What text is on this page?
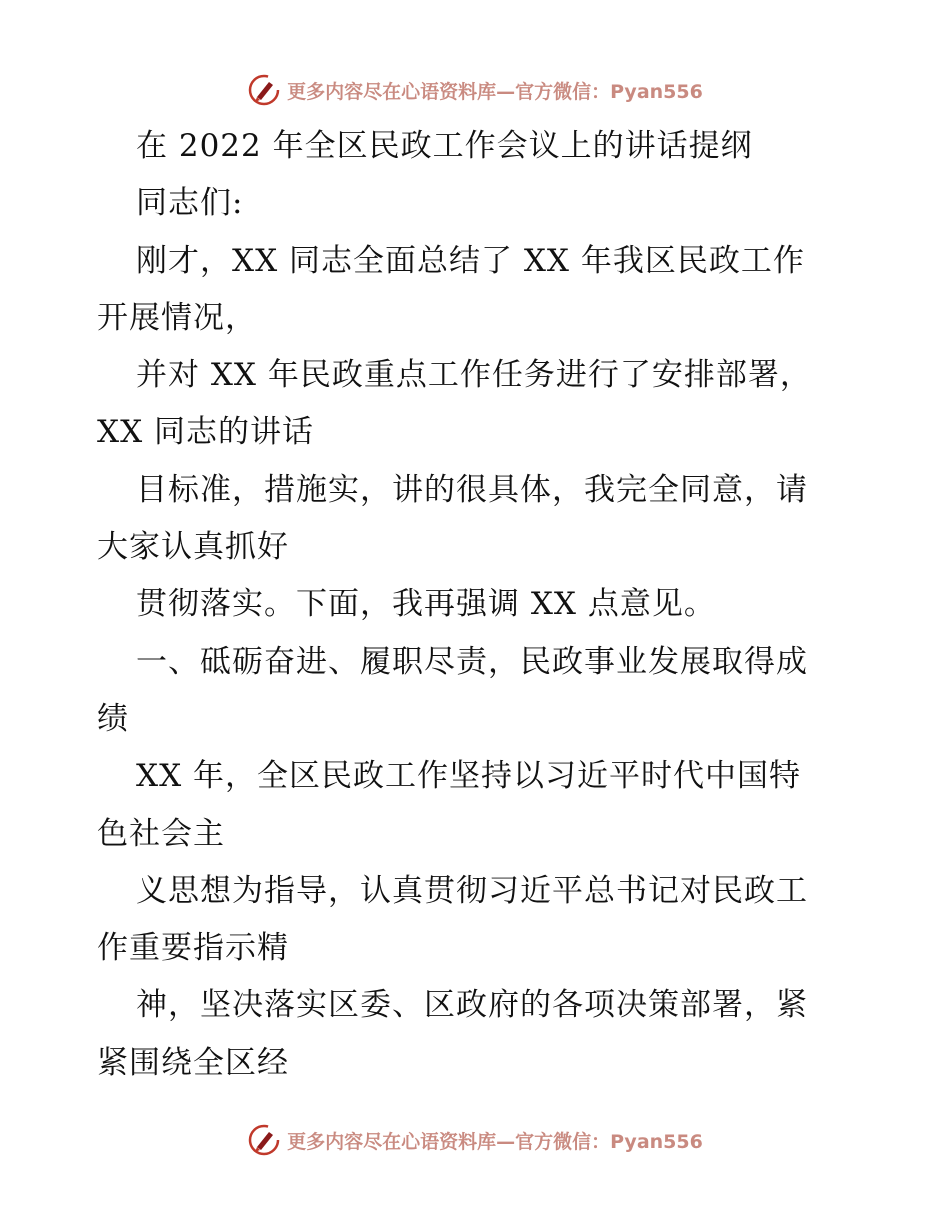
更多内容尽在心语资料库—官方微信：Pyan556
在 2022 年全区民政工作会议上的讲话提纲
同志们:
刚才，XX 同志全面总结了 XX 年我区民政工作
开展情况，
并对 XX 年民政重点工作任务进行了安排部署，
XX 同志的讲话
目标准，措施实，讲的很具体，我完全同意，请
大家认真抓好
贯彻落实。下面，我再强调 XX 点意见。
一、砥砺奋进、履职尽责，民政事业发展取得成
绩
XX 年，全区民政工作坚持以习近平时代中国特
色社会主
义思想为指导，认真贯彻习近平总书记对民政工
作重要指示精
神，坚决落实区委、区政府的各项决策部署，紧
紧围绕全区经
更多内容尽在心语资料库—官方微信：Pyan556
